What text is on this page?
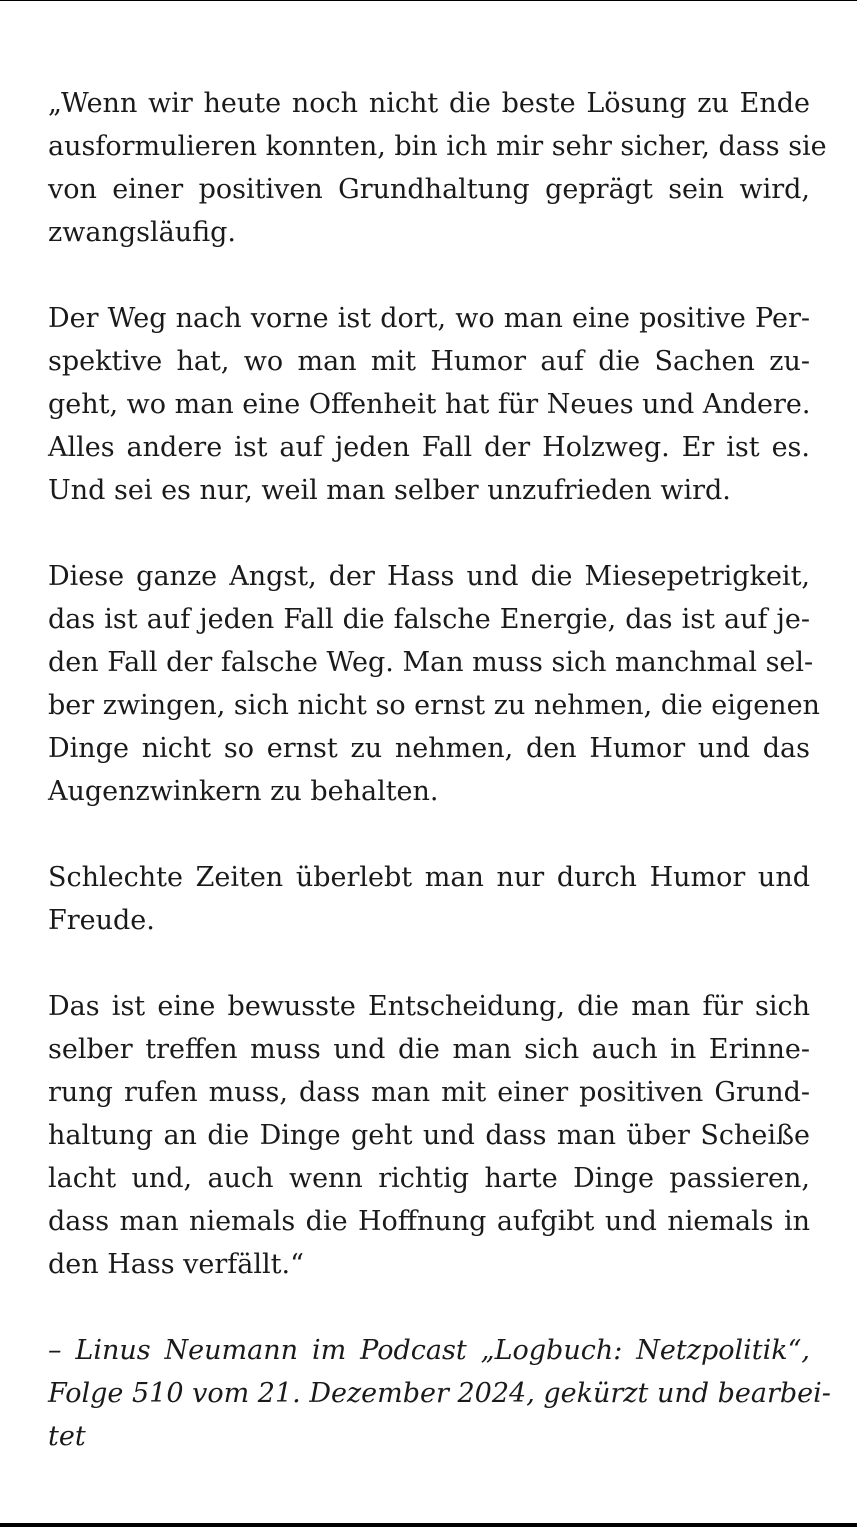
„Wenn wir heute noch nicht die beste Lösung zu Ende
ausformulieren konnten, bin ich mir sehr sicher, dass sie
von einer positiven Grundhaltung geprägt sein wird,
zwangsläufig.

Der Weg nach vorne ist dort, wo man eine positive Per-
spektive hat, wo man mit Humor auf die Sachen zu-
geht, wo man eine Offenheit hat für Neues und Andere.
Alles andere ist auf jeden Fall der Holzweg. Er ist es.
Und sei es nur, weil man selber unzufrieden wird.

Diese ganze Angst, der Hass und die Miesepetrigkeit,
das ist auf jeden Fall die falsche Energie, das ist auf je-
den Fall der falsche Weg. Man muss sich manchmal sel-
ber zwingen, sich nicht so ernst zu nehmen, die eigenen
Dinge nicht so ernst zu nehmen, den Humor und das
Augenzwinkern zu behalten.

Schlechte Zeiten überlebt man nur durch Humor und
Freude.

Das ist eine bewusste Entscheidung, die man für sich
selber treffen muss und die man sich auch in Erinne-
rung rufen muss, dass man mit einer positiven Grund-
haltung an die Dinge geht und dass man über Scheiße
lacht und, auch wenn richtig harte Dinge passieren,
dass man niemals die Hoffnung aufgibt und niemals in
den Hass verfällt.“

– Linus Neumann im Podcast „Logbuch: Netzpolitik“,
Folge 510 vom 21. Dezember 2024, gekürzt und bearbei-
tet
